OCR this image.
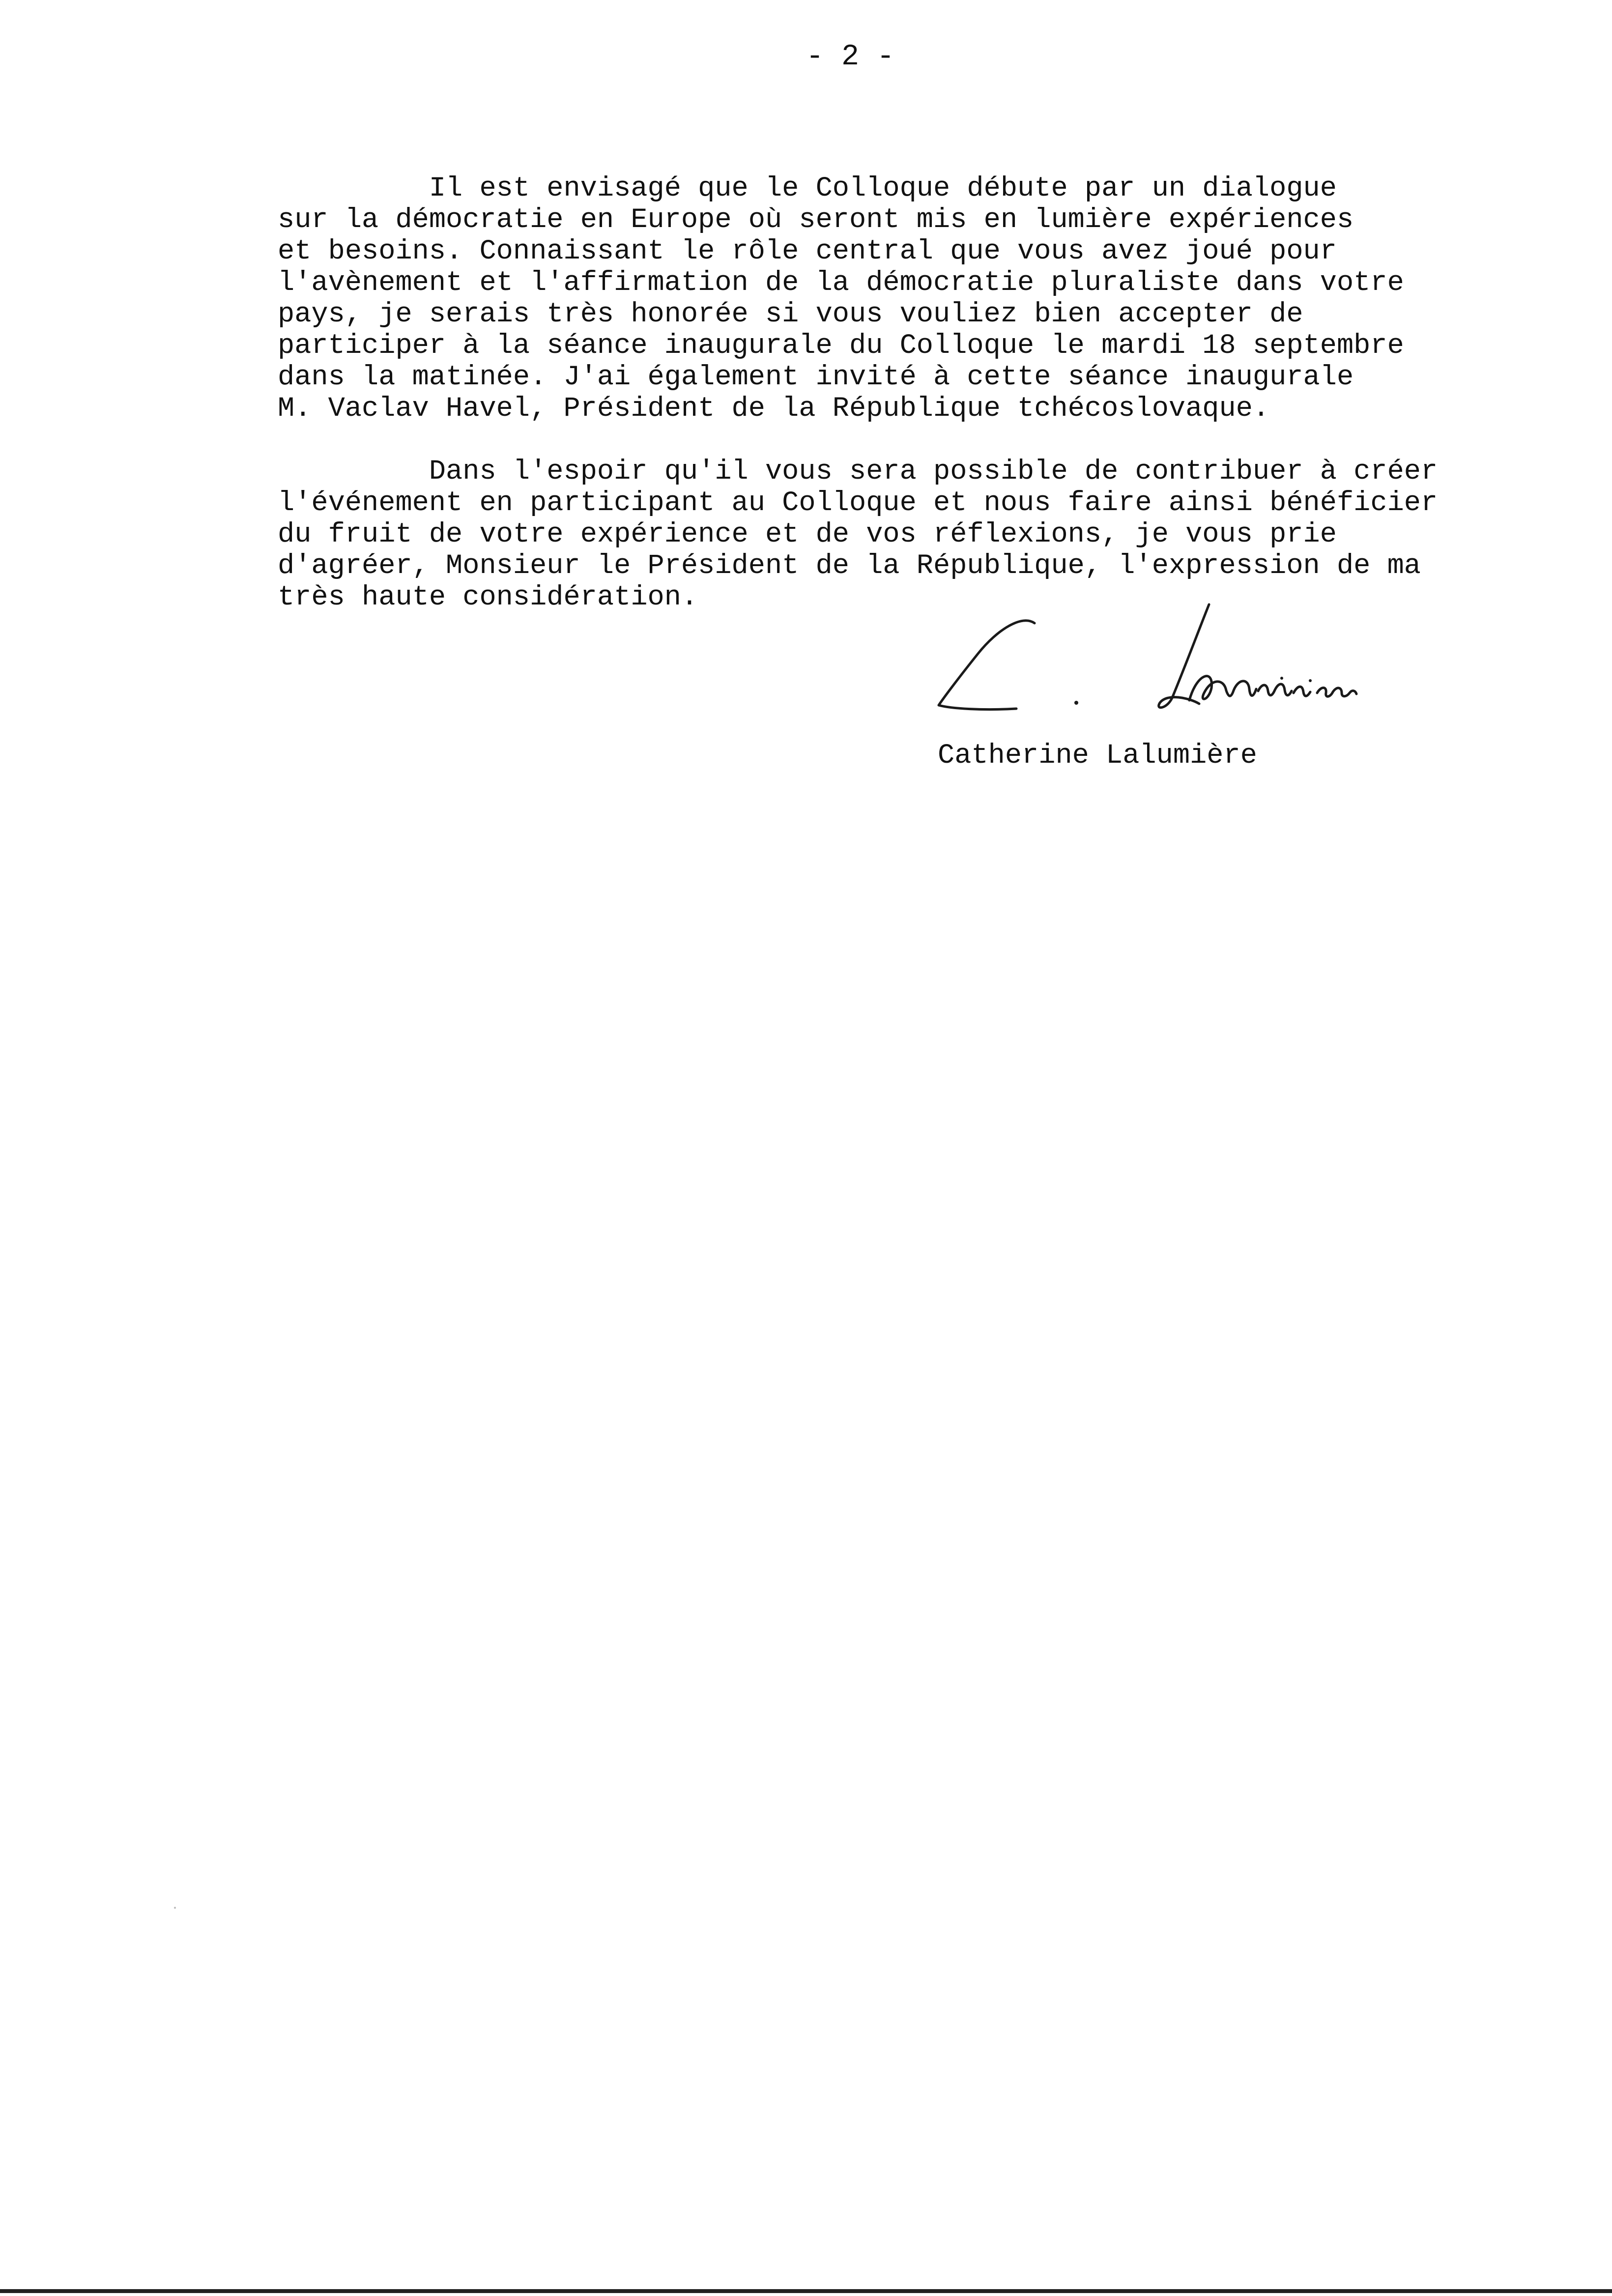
- 2 -
Il est envisagé que le Colloque débute par un dialogue
sur la démocratie en Europe où seront mis en lumière expériences
et besoins. Connaissant le rôle central que vous avez joué pour
l'avènement et l'affirmation de la démocratie pluraliste dans votre
pays, je serais très honorée si vous vouliez bien accepter de
participer à la séance inaugurale du Colloque le mardi 18 septembre
dans la matinée. J'ai également invité à cette séance inaugurale
M. Vaclav Havel, Président de la République tchécoslovaque.
Dans l'espoir qu'il vous sera possible de contribuer à créer
l'événement en participant au Colloque et nous faire ainsi bénéficier
du fruit de votre expérience et de vos réflexions, je vous prie
d'agréer, Monsieur le Président de la République, l'expression de ma
très haute considération.
Catherine Lalumière
